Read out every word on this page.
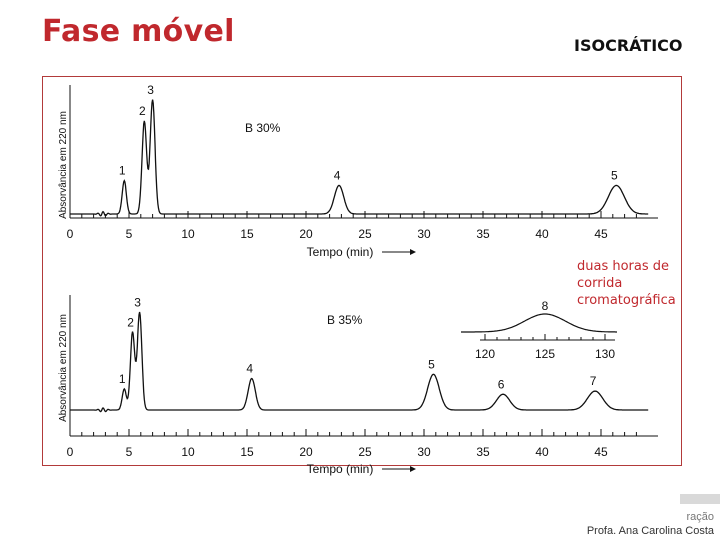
Fase móvel	ISOCRÁTICO
1
2
3
4	5
0	5	10	15	20	25	30	35	40	45
Tempo (min)
Absorvância em 220 nm	B 30%
1
2
3
4	5
6	7
0	5	10	15	20	25	30	35	40	45
Tempo (min)
Absorvância em 220 nm	B 35%
120	125	130
8
duas horas de corrida cromatográfica
ração
Profa. Ana Carolina Costa
